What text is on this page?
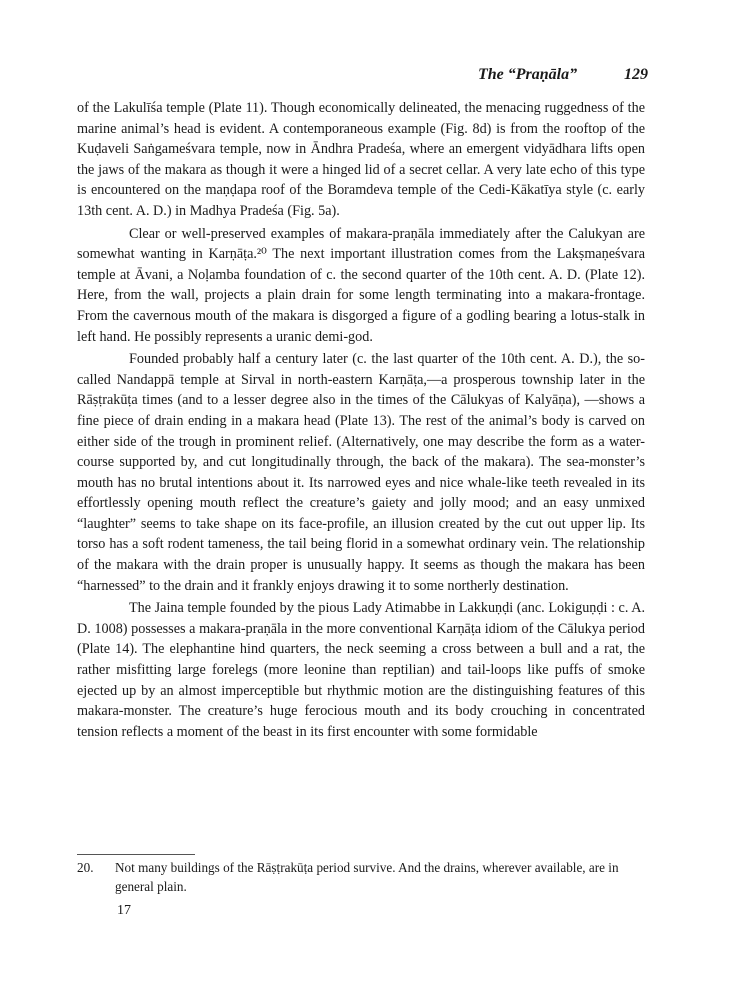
The “Praṇāla”	129

of the Lakulīśa temple (Plate 11). Though economically delineated, the menacing ruggedness of the marine animal’s head is evident. A contemporaneous example (Fig. 8d) is from the rooftop of the Kuḍaveli Saṅgameśvara temple, now in Āndhra Pradeśa, where an emergent vidyādhara lifts open the jaws of the makara as though it were a hinged lid of a secret cellar. A very late echo of this type is encountered on the maṇḍapa roof of the Boramdeva temple of the Cedi-Kākatīya style (c. early 13th cent. A. D.) in Madhya Pradeśa (Fig. 5a).

Clear or well-preserved examples of makara-praṇāla immediately after the Calukyan are somewhat wanting in Karṇāṭa.²⁰ The next important illustration comes from the Lakṣmaṇeśvara temple at Āvani, a Noḷamba foundation of c. the second quarter of the 10th cent. A. D. (Plate 12). Here, from the wall, projects a plain drain for some length terminating into a makara-frontage. From the cavernous mouth of the makara is disgorged a figure of a godling bearing a lotus-stalk in left hand. He possibly represents a uranic demi-god.

Founded probably half a century later (c. the last quarter of the 10th cent. A. D.), the so-called Nandappā temple at Sirval in north-eastern Karṇāṭa,—a prosperous township later in the Rāṣṭrakūṭa times (and to a lesser degree also in the times of the Cālukyas of Kalyāṇa), —shows a fine piece of drain ending in a makara head (Plate 13). The rest of the animal’s body is carved on either side of the trough in prominent relief. (Alternatively, one may describe the form as a water-course supported by, and cut longitudinally through, the back of the makara). The sea-monster’s mouth has no brutal intentions about it. Its narrowed eyes and nice whale-like teeth revealed in its effortlessly opening mouth reflect the creature’s gaiety and jolly mood; and an easy unmixed “laughter” seems to take shape on its face-profile, an illusion created by the cut out upper lip. Its torso has a soft rodent tameness, the tail being florid in a somewhat ordinary vein. The relationship of the makara with the drain proper is unusually happy. It seems as though the makara has been “harnessed” to the drain and it frankly enjoys drawing it to some northerly destination.

The Jaina temple founded by the pious Lady Atimabbe in Lakkuṇḍi (anc. Lokiguṇḍi : c. A. D. 1008) possesses a makara-praṇāla in the more conventional Karṇāṭa idiom of the Cālukya period (Plate 14). The elephantine hind quarters, the neck seeming a cross between a bull and a rat, the rather misfitting large forelegs (more leonine than reptilian) and tail-loops like puffs of smoke ejected up by an almost imperceptible but rhythmic motion are the distinguishing features of this makara-monster. The creature’s huge ferocious mouth and its body crouching in concentrated tension reflects a moment of the beast in its first encounter with some formidable

20. Not many buildings of the Rāṣṭrakūṭa period survive. And the drains, wherever available, are in general plain.
17
